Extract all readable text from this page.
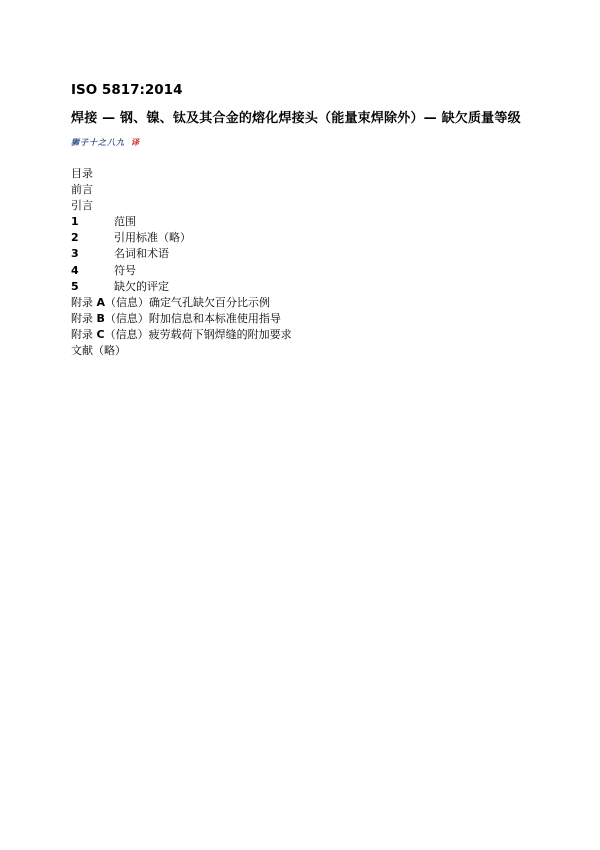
ISO 5817:2014
焊接 — 钢、镍、钛及其合金的熔化焊接头（能量束焊除外）— 缺欠质量等级
狮子十之八九 译
目录
前言
引言
1	范围
2	引用标准（略）
3	名词和术语
4	符号
5	缺欠的评定
附录 A（信息）确定气孔缺欠百分比示例
附录 B（信息）附加信息和本标准使用指导
附录 C（信息）疲劳载荷下钢焊缝的附加要求
文献（略）
